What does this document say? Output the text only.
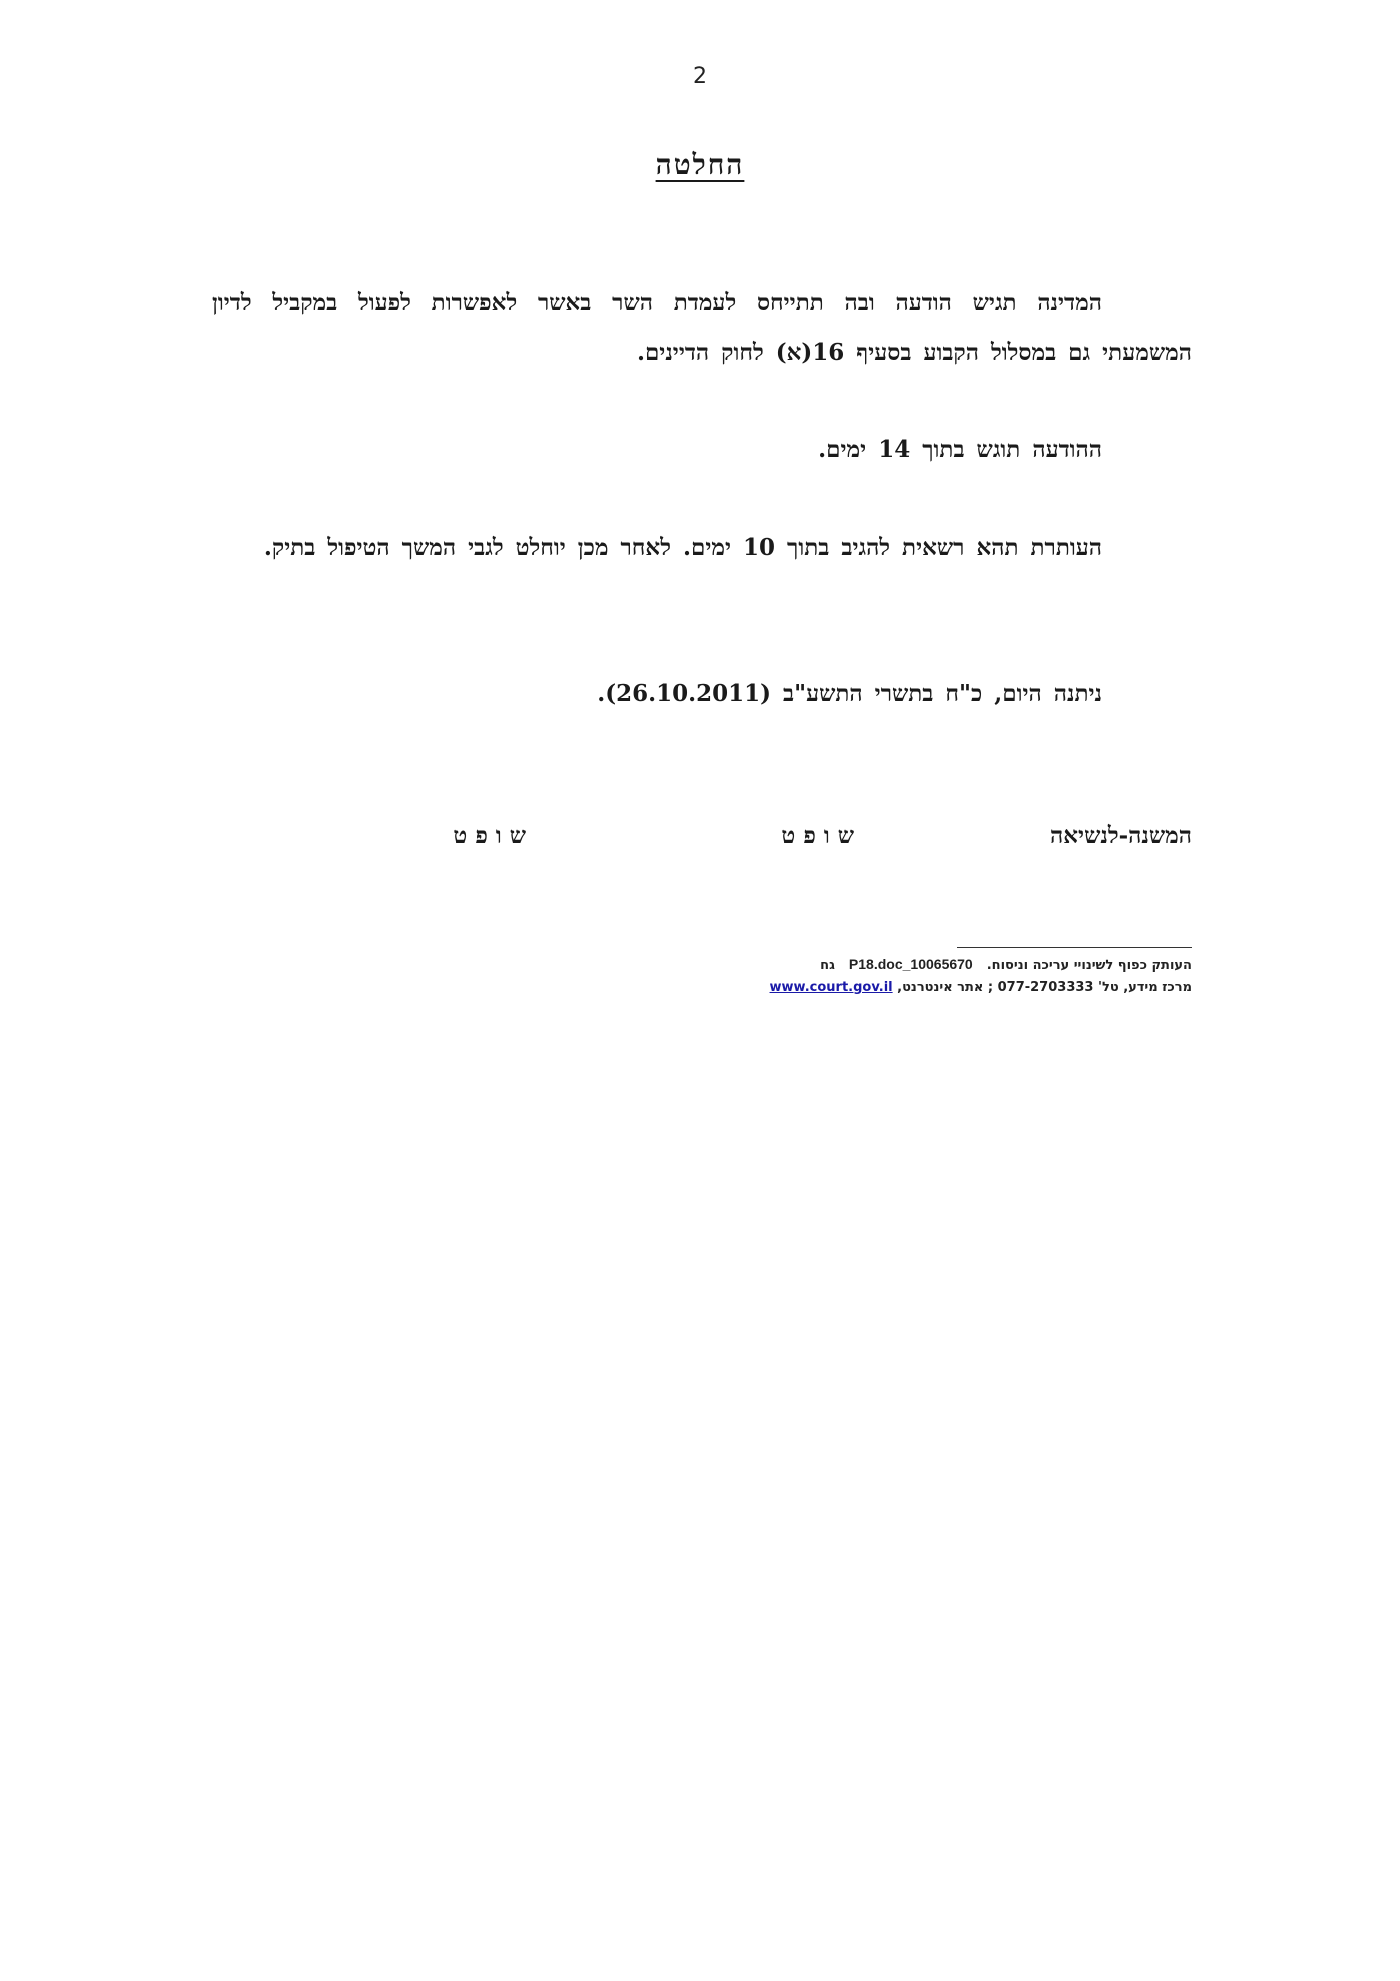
2
החלטה
המדינה תגיש הודעה ובה תתייחס לעמדת השר באשר לאפשרות לפעול במקביל לדיון המשמעתי גם במסלול הקבוע בסעיף 16(א) לחוק הדיינים.
ההודעה תוגש בתוך 14 ימים.
העותרת תהא רשאית להגיב בתוך 10 ימים. לאחר מכן יוחלט לגבי המשך הטיפול בתיק.
ניתנה היום, כ"ח בתשרי התשע"ב (26.10.2011).
המשנה-לנשיאה
שופט
שופט
העותק כפוף לשינויי עריכה וניסוח.10065670_P18.docגח
מרכז מידע, טל' 077-2703333 ; אתר אינטרנט, www.court.gov.il
